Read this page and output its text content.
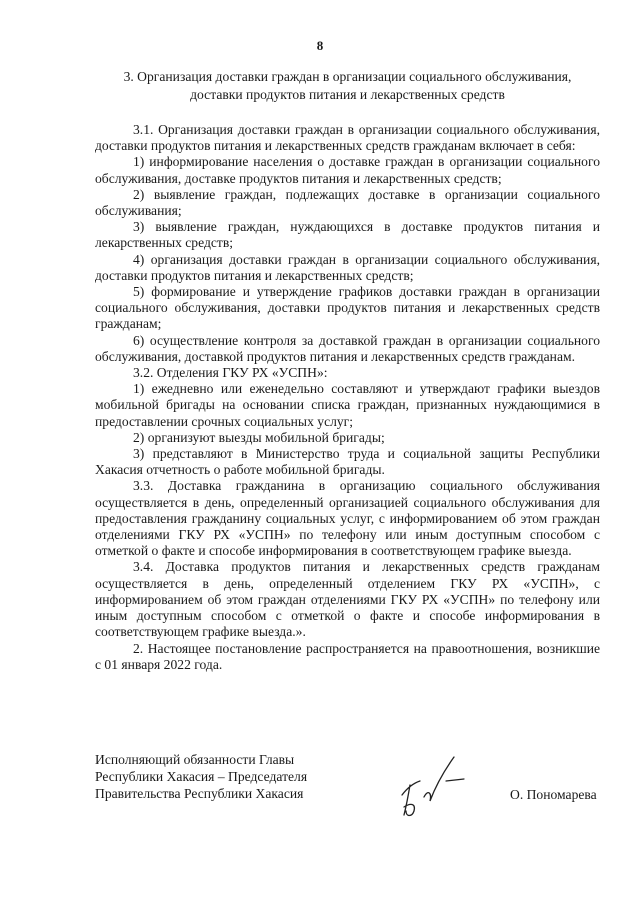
8
3. Организация доставки граждан в организации социального обслуживания,
доставки продуктов питания и лекарственных средств

3.1. Организация доставки граждан в организации социального обслуживания, доставки продуктов питания и лекарственных средств гражданам включает в себя:

1) информирование населения о доставке граждан в организации социального обслуживания, доставке продуктов питания и лекарственных средств;

2) выявление граждан, подлежащих доставке в организации социального обслуживания;

3) выявление граждан, нуждающихся в доставке продуктов питания и лекарственных средств;

4) организация доставки граждан в организации социального обслуживания, доставки продуктов питания и лекарственных средств;

5) формирование и утверждение графиков доставки граждан в организации социального обслуживания, доставки продуктов питания и лекарственных средств гражданам;

6) осуществление контроля за доставкой граждан в организации социального обслуживания, доставкой продуктов питания и лекарственных средств гражданам.

3.2. Отделения ГКУ РХ «УСПН»:

1) ежедневно или еженедельно составляют и утверждают графики выездов мобильной бригады на основании списка граждан, признанных нуждающимися в предоставлении срочных социальных услуг;

2) организуют выезды мобильной бригады;

3) представляют в Министерство труда и социальной защиты Республики Хакасия отчетность о работе мобильной бригады.

3.3. Доставка гражданина в организацию социального обслуживания осуществляется в день, определенный организацией социального обслуживания для предоставления гражданину социальных услуг, с информированием об этом граждан отделениями ГКУ РХ «УСПН» по телефону или иным доступным способом с отметкой о факте и способе информирования в соответствующем графике выезда.

3.4. Доставка продуктов питания и лекарственных средств гражданам осуществляется в день, определенный отделением ГКУ РХ «УСПН», с информированием об этом граждан отделениями ГКУ РХ «УСПН» по телефону или иным доступным способом с отметкой о факте и способе информирования в соответствующем графике выезда.».

2. Настоящее постановление распространяется на правоотношения, возникшие с 01 января 2022 года.

Исполняющий обязанности Главы
Республики Хакасия – Председателя
Правительства Республики Хакасия	О. Пономарева
